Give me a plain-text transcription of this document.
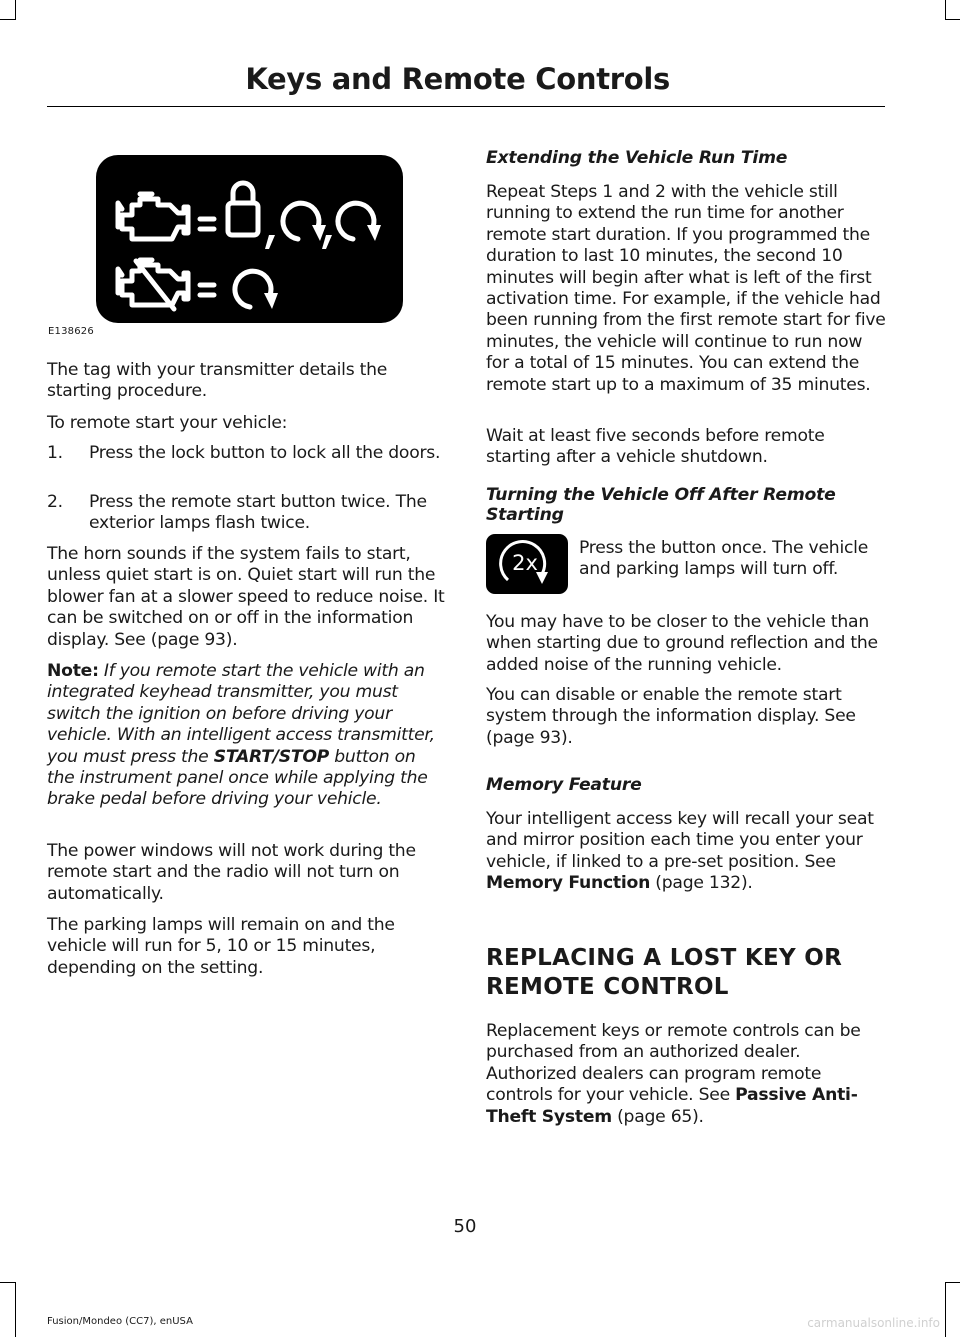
Keys and Remote Controls
E138626

The tag with your transmitter details the starting procedure.

To remote start your vehicle:

1. Press the lock button to lock all the doors.
2. Press the remote start button twice. The exterior lamps flash twice.

The horn sounds if the system fails to start, unless quiet start is on. Quiet start will run the blower fan at a slower speed to reduce noise. It can be switched on or off in the information display. See (page 93).

Note: If you remote start the vehicle with an integrated keyhead transmitter, you must switch the ignition on before driving your vehicle. With an intelligent access transmitter, you must press the START/STOP button on the instrument panel once while applying the brake pedal before driving your vehicle.

The power windows will not work during the remote start and the radio will not turn on automatically.

The parking lamps will remain on and the vehicle will run for 5, 10 or 15 minutes, depending on the setting.

Extending the Vehicle Run Time

Repeat Steps 1 and 2 with the vehicle still running to extend the run time for another remote start duration. If you programmed the duration to last 10 minutes, the second 10 minutes will begin after what is left of the first activation time. For example, if the vehicle had been running from the first remote start for five minutes, the vehicle will continue to run now for a total of 15 minutes. You can extend the remote start up to a maximum of 35 minutes.

Wait at least five seconds before remote starting after a vehicle shutdown.

Turning the Vehicle Off After Remote Starting

Press the button once. The vehicle and parking lamps will turn off.

You may have to be closer to the vehicle than when starting due to ground reflection and the added noise of the running vehicle.

You can disable or enable the remote start system through the information display. See (page 93).

Memory Feature

Your intelligent access key will recall your seat and mirror position each time you enter your vehicle, if linked to a pre-set position. See Memory Function (page 132).

REPLACING A LOST KEY OR
REMOTE CONTROL

Replacement keys or remote controls can be purchased from an authorized dealer. Authorized dealers can program remote controls for your vehicle. See Passive Anti-Theft System (page 65).

2x
50
Fusion/Mondeo (CC7), enUSA	carmanualsonline.info
